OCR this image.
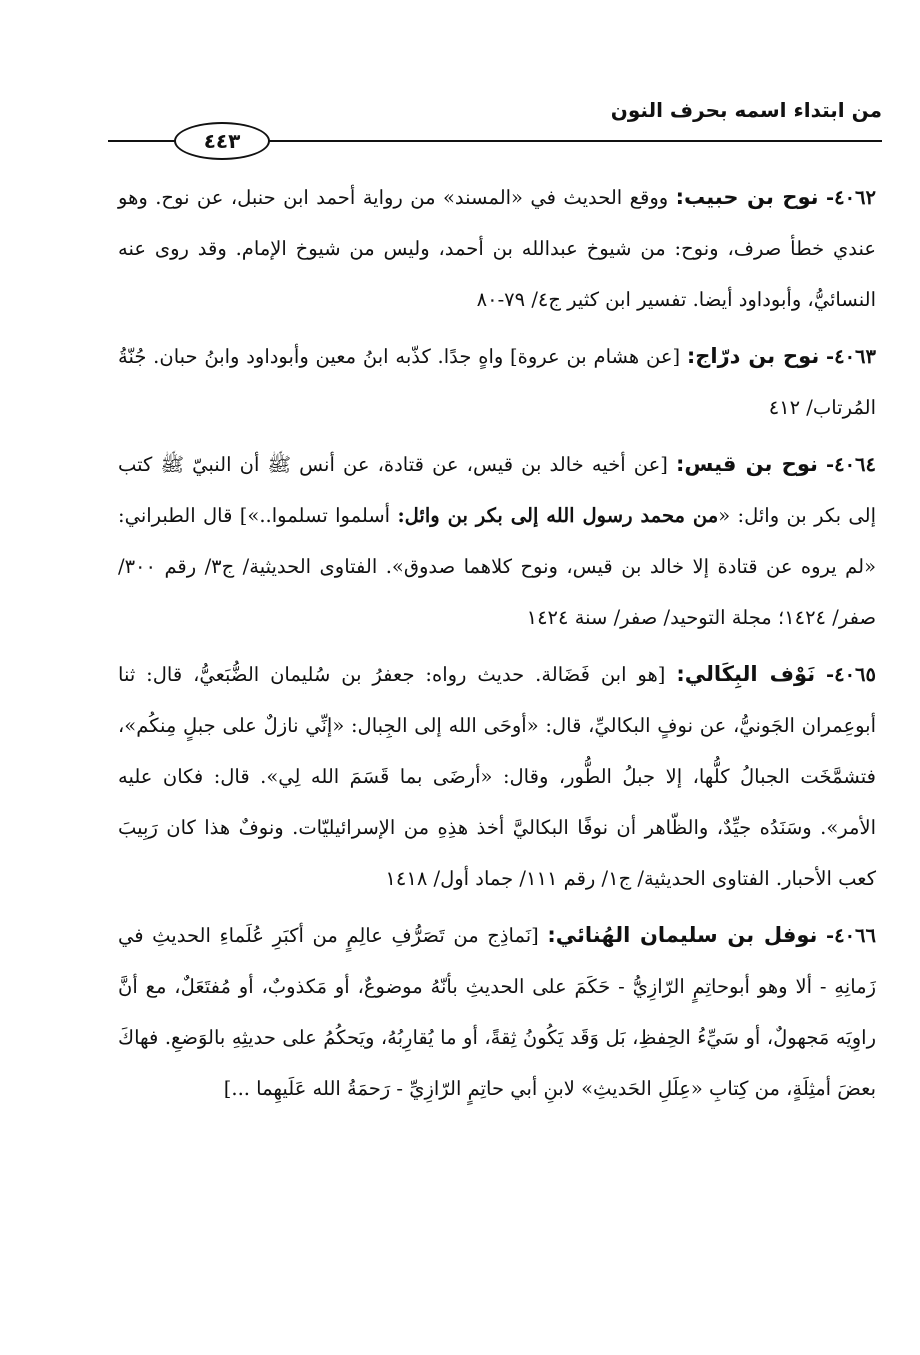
من ابتداء اسمه بحرف النون
٤٤٣

٤٠٦٢- نوح بن حبيب: ووقع الحديث في «المسند» من رواية أحمد ابن حنبل، عن نوح. وهو عندي خطأ صرف، ونوح: من شيوخ عبدالله بن أحمد، وليس من شيوخ الإمام. وقد روى عنه النسائيُّ، وأبوداود أيضا. تفسير ابن كثير ج٤/ ٧٩-٨٠

٤٠٦٣- نوح بن درّاج: [عن هشام بن عروة] واهٍ جدًا. كذّبه ابنُ معين وأبوداود وابنُ حبان. جُنّةُ المُرتاب/ ٤١٢

٤٠٦٤- نوح بن قيس: [عن أخيه خالد بن قيس، عن قتادة، عن أنس ﷺ أن النبيّ ﷺ كتب إلى بكر بن وائل: «من محمد رسول الله إلى بكر بن وائل: أسلموا تسلموا..»] قال الطبراني: «لم يروه عن قتادة إلا خالد بن قيس، ونوح كلاهما صدوق». الفتاوى الحديثية/ ج٣/ رقم ٣٠٠/ صفر/ ١٤٢٤؛ مجلة التوحيد/ صفر/ سنة ١٤٢٤

٤٠٦٥- نَوْف البِكَالي: [هو ابن فَضَالة. حديث رواه: جعفرُ بن سُليمان الضُّبَعيُّ، قال: ثنا أبوعِمران الجَونيُّ، عن نوفٍ البكاليِّ، قال: «أوحَى الله إلى الجِبال: «إنِّي نازلٌ على جبلٍ مِنكُم»، فتشمَّخَت الجبالُ كلُّها، إلا جبلُ الطُّور، وقال: «أرضَى بما قَسَمَ الله لِي». قال: فكان عليه الأمر». وسَنَدُه جيِّدٌ، والظّاهر أن نوفًا البكاليَّ أخذ هذِهِ من الإسرائيليّات. ونوفٌ هذا كان رَبِيبَ كعب الأحبار. الفتاوى الحديثية/ ج١/ رقم ١١١/ جماد أول/ ١٤١٨

٤٠٦٦- نوفل بن سليمان الهُنائي: [نَماذِج من تَصَرُّفِ عالِمٍ من أكبَرِ عُلَماءِ الحديثِ في زَمانِهِ - ألا وهو أبوحاتِمٍ الرّازِيُّ - حَكَمَ على الحديثِ بأنّهُ موضوعٌ، أو مَكذوبٌ، أو مُفتَعَلٌ، مع أنَّ راوِيَه مَجهولٌ، أو سَيِّءُ الحِفظِ، بَل وَقَد يَكُونُ ثِقةً، أو ما يُقارِبُهُ، ويَحكُمُ على حديثِهِ بالوَضعِ. فهاكَ بعضَ أمثِلَةٍ، من كِتابِ «عِلَلِ الحَديثِ» لابنِ أبي حاتِمٍ الرّازِيِّ - رَحمَةُ الله عَلَيهِما ...]
